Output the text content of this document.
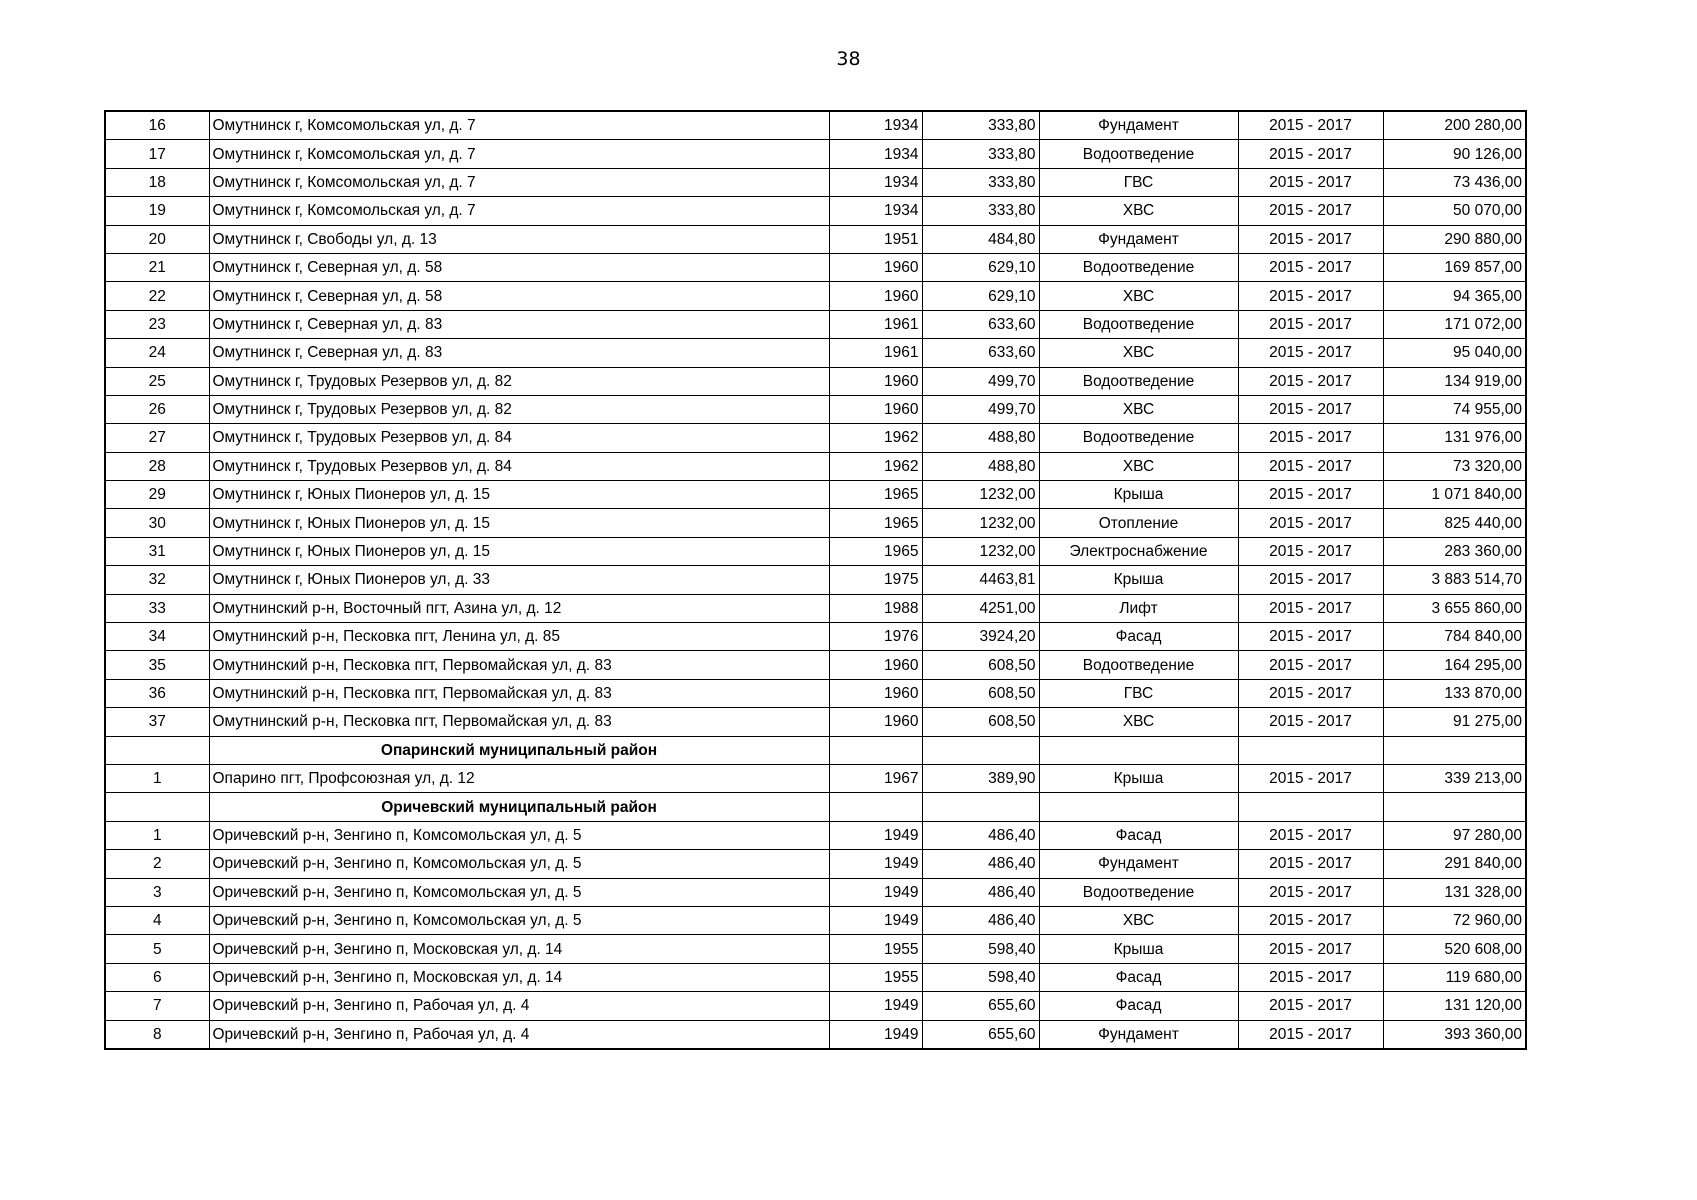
38
16	Омутнинск г, Комсомольская ул, д. 7	1934	333,80	Фундамент	2015 - 2017	200 280,00
17	Омутнинск г, Комсомольская ул, д. 7	1934	333,80	Водоотведение	2015 - 2017	90 126,00
18	Омутнинск г, Комсомольская ул, д. 7	1934	333,80	ГВС	2015 - 2017	73 436,00
19	Омутнинск г, Комсомольская ул, д. 7	1934	333,80	ХВС	2015 - 2017	50 070,00
20	Омутнинск г, Свободы ул, д. 13	1951	484,80	Фундамент	2015 - 2017	290 880,00
21	Омутнинск г, Северная ул, д. 58	1960	629,10	Водоотведение	2015 - 2017	169 857,00
22	Омутнинск г, Северная ул, д. 58	1960	629,10	ХВС	2015 - 2017	94 365,00
23	Омутнинск г, Северная ул, д. 83	1961	633,60	Водоотведение	2015 - 2017	171 072,00
24	Омутнинск г, Северная ул, д. 83	1961	633,60	ХВС	2015 - 2017	95 040,00
25	Омутнинск г, Трудовых Резервов ул, д. 82	1960	499,70	Водоотведение	2015 - 2017	134 919,00
26	Омутнинск г, Трудовых Резервов ул, д. 82	1960	499,70	ХВС	2015 - 2017	74 955,00
27	Омутнинск г, Трудовых Резервов ул, д. 84	1962	488,80	Водоотведение	2015 - 2017	131 976,00
28	Омутнинск г, Трудовых Резервов ул, д. 84	1962	488,80	ХВС	2015 - 2017	73 320,00
29	Омутнинск г, Юных Пионеров ул, д. 15	1965	1232,00	Крыша	2015 - 2017	1 071 840,00
30	Омутнинск г, Юных Пионеров ул, д. 15	1965	1232,00	Отопление	2015 - 2017	825 440,00
31	Омутнинск г, Юных Пионеров ул, д. 15	1965	1232,00	Электроснабжение	2015 - 2017	283 360,00
32	Омутнинск г, Юных Пионеров ул, д. 33	1975	4463,81	Крыша	2015 - 2017	3 883 514,70
33	Омутнинский р-н, Восточный пгт, Азина ул, д. 12	1988	4251,00	Лифт	2015 - 2017	3 655 860,00
34	Омутнинский р-н, Песковка пгт, Ленина ул, д. 85	1976	3924,20	Фасад	2015 - 2017	784 840,00
35	Омутнинский р-н, Песковка пгт, Первомайская ул, д. 83	1960	608,50	Водоотведение	2015 - 2017	164 295,00
36	Омутнинский р-н, Песковка пгт, Первомайская ул, д. 83	1960	608,50	ГВС	2015 - 2017	133 870,00
37	Омутнинский р-н, Песковка пгт, Первомайская ул, д. 83	1960	608,50	ХВС	2015 - 2017	91 275,00
	Опаринский муниципальный район					
1	Опарино пгт, Профсоюзная ул, д. 12	1967	389,90	Крыша	2015 - 2017	339 213,00
	Оричевский муниципальный район					
1	Оричевский р-н, Зенгино п, Комсомольская ул, д. 5	1949	486,40	Фасад	2015 - 2017	97 280,00
2	Оричевский р-н, Зенгино п, Комсомольская ул, д. 5	1949	486,40	Фундамент	2015 - 2017	291 840,00
3	Оричевский р-н, Зенгино п, Комсомольская ул, д. 5	1949	486,40	Водоотведение	2015 - 2017	131 328,00
4	Оричевский р-н, Зенгино п, Комсомольская ул, д. 5	1949	486,40	ХВС	2015 - 2017	72 960,00
5	Оричевский р-н, Зенгино п, Московская ул, д. 14	1955	598,40	Крыша	2015 - 2017	520 608,00
6	Оричевский р-н, Зенгино п, Московская ул, д. 14	1955	598,40	Фасад	2015 - 2017	119 680,00
7	Оричевский р-н, Зенгино п, Рабочая ул, д. 4	1949	655,60	Фасад	2015 - 2017	131 120,00
8	Оричевский р-н, Зенгино п, Рабочая ул, д. 4	1949	655,60	Фундамент	2015 - 2017	393 360,00
